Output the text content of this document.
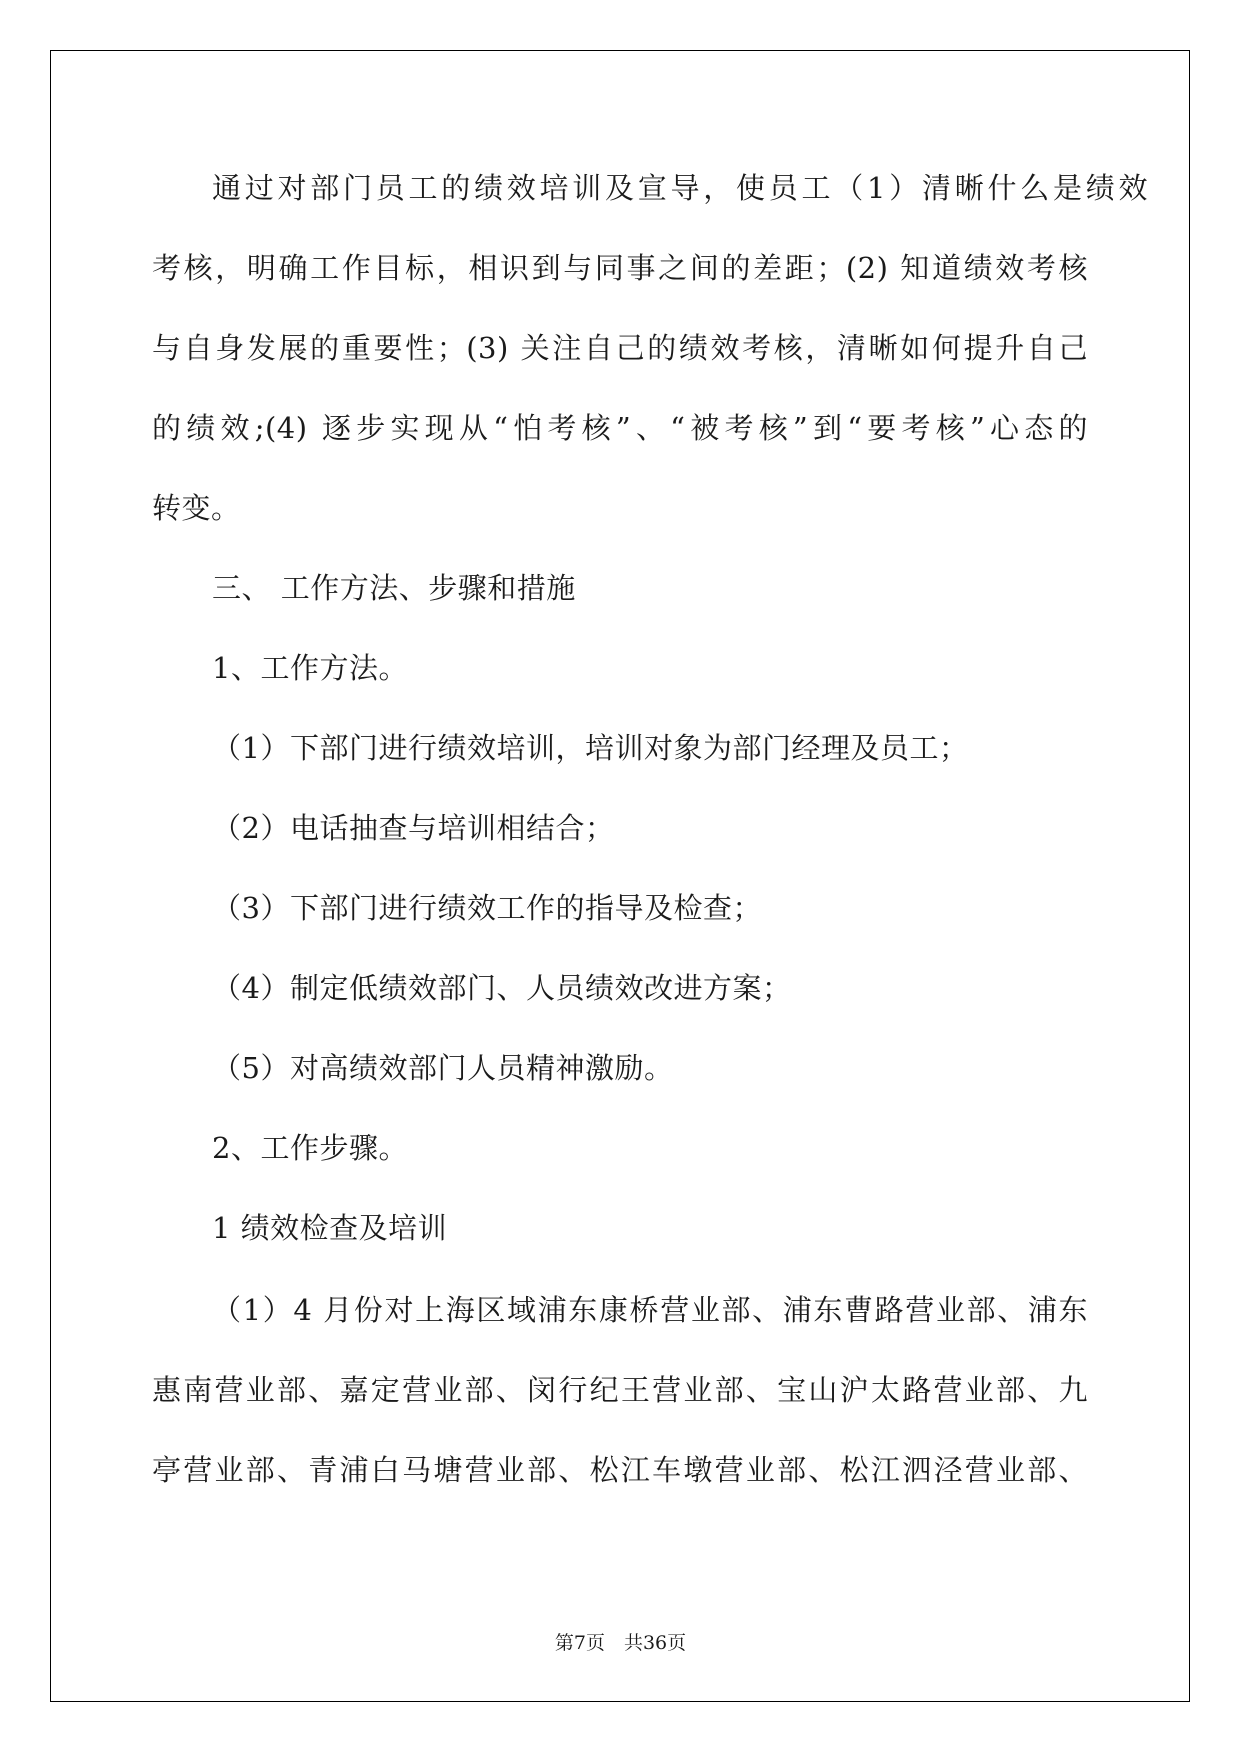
通过对部门员工的绩效培训及宣导，使员工（1）清晰什么是绩效

考核，明确工作目标，相识到与同事之间的差距；(2) 知道绩效考核

与自身发展的重要性；(3) 关注自己的绩效考核，清晰如何提升自己

的绩效;(4) 逐步实现从“怕考核”、“被考核”到“要考核”心态的

转变。

三、 工作方法、步骤和措施

1、工作方法。

（1）下部门进行绩效培训，培训对象为部门经理及员工；

（2）电话抽查与培训相结合；

（3）下部门进行绩效工作的指导及检查；

（4）制定低绩效部门、人员绩效改进方案；

（5）对高绩效部门人员精神激励。

2、工作步骤。

1 绩效检查及培训

（1）4 月份对上海区域浦东康桥营业部、浦东曹路营业部、浦东

惠南营业部、嘉定营业部、闵行纪王营业部、宝山沪太路营业部、九

亭营业部、青浦白马塘营业部、松江车墩营业部、松江泗泾营业部、

第7页　共36页
